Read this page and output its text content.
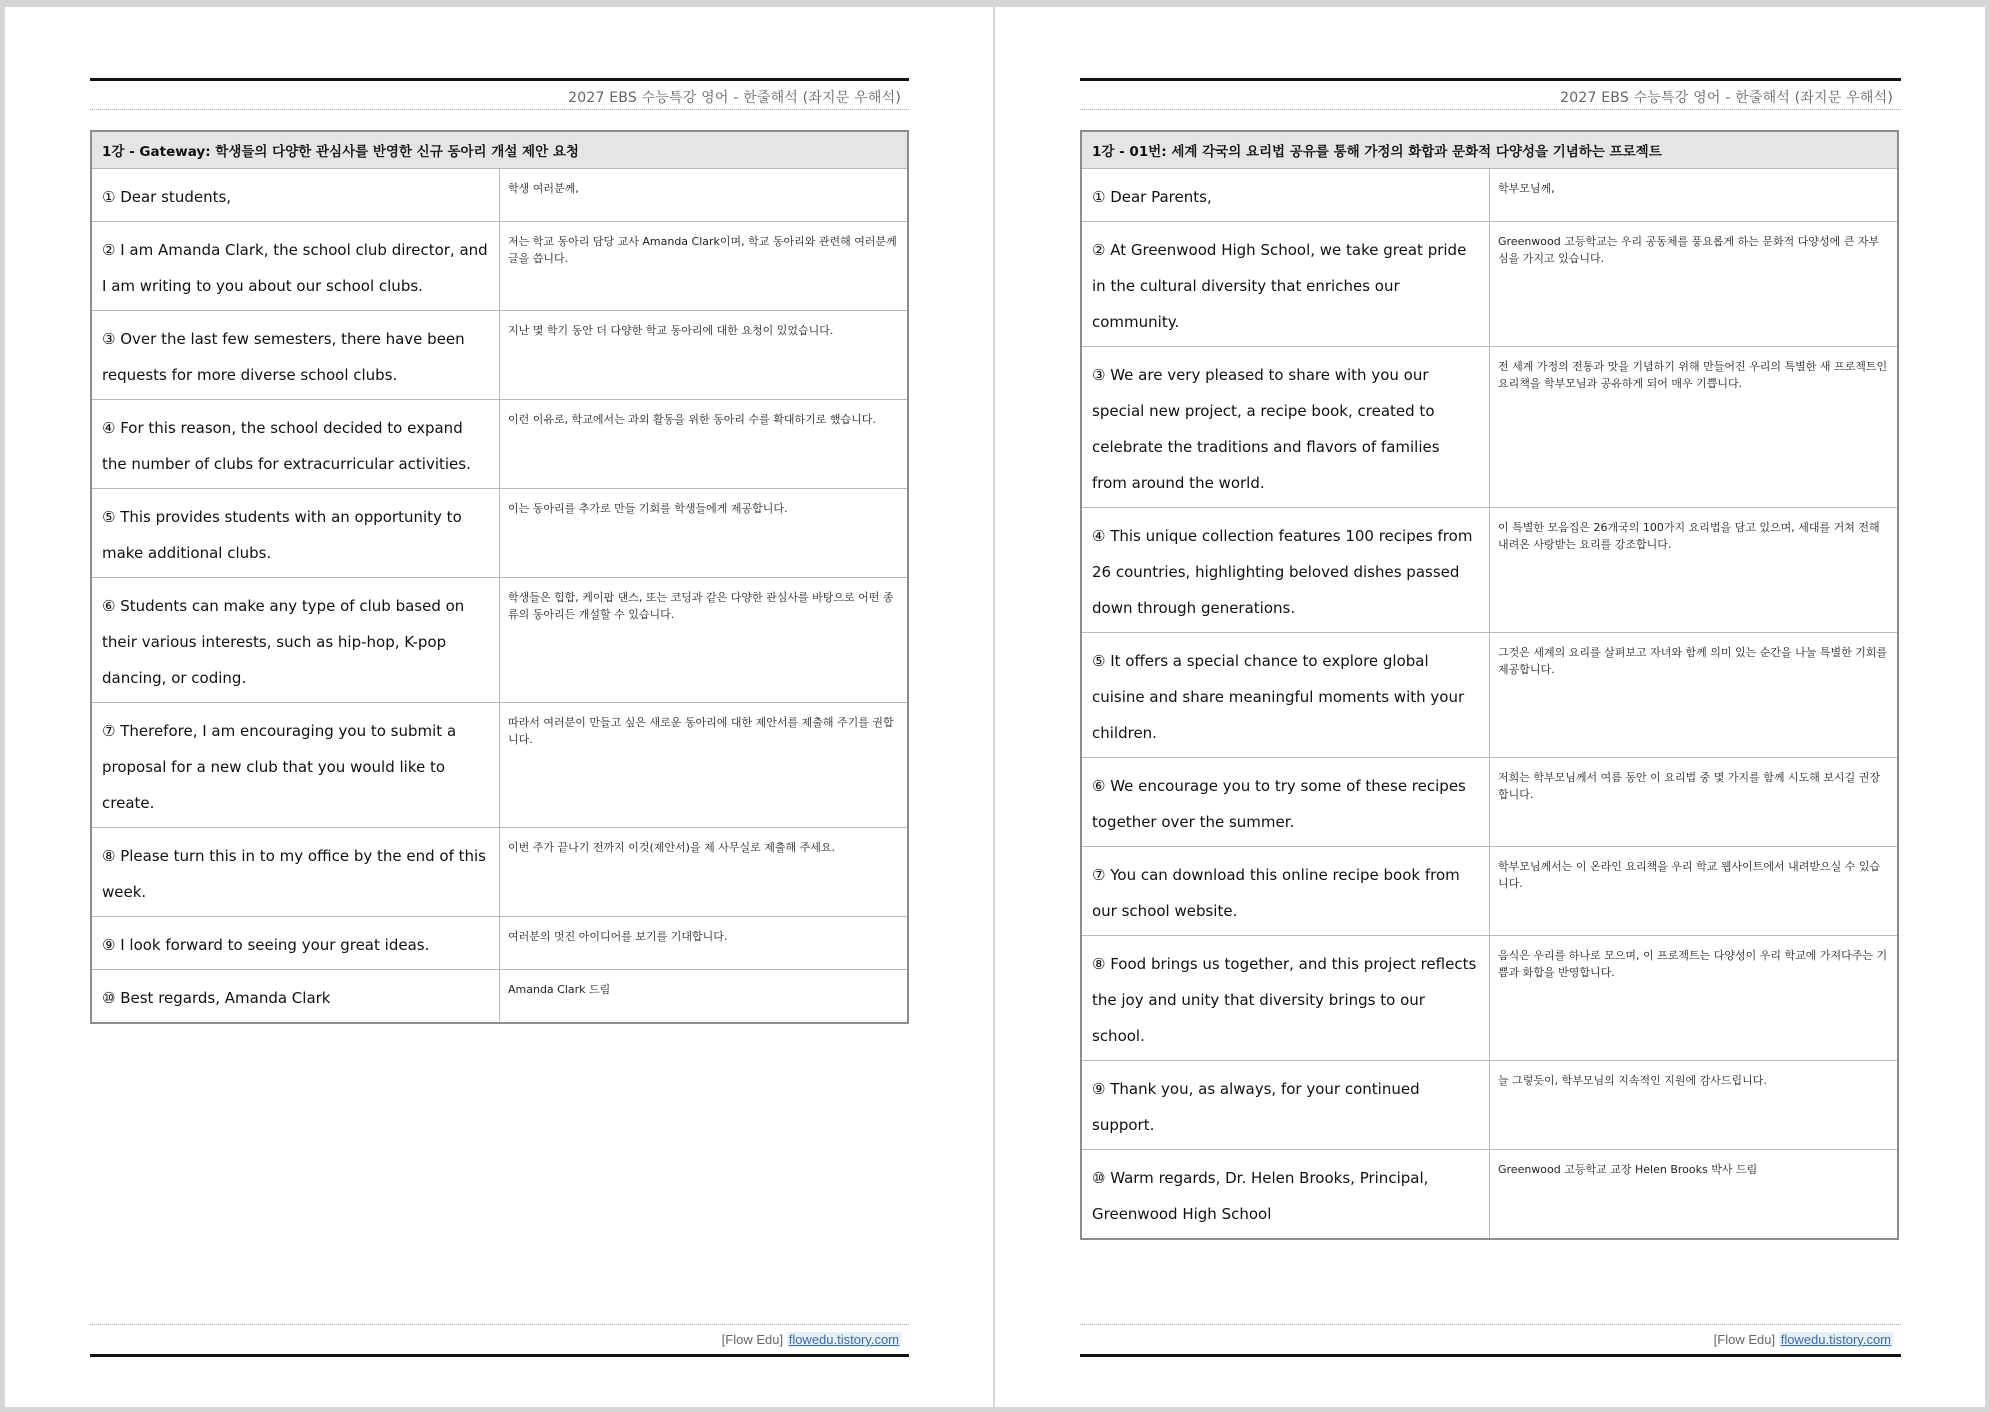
2027 EBS 수능특강 영어 - 한줄해석 (좌지문 우해석)
1강 - Gateway: 학생들의 다양한 관심사를 반영한 신규 동아리 개설 제안 요청	
① Dear students,	학생 여러분께,
② I am Amanda Clark, the school club director, and I am writing to you about our school clubs.	저는 학교 동아리 담당 교사 Amanda Clark이며, 학교 동아리와 관련해 여러분께 글을 씁니다.
③ Over the last few semesters, there have been requests for more diverse school clubs.	지난 몇 학기 동안 더 다양한 학교 동아리에 대한 요청이 있었습니다.
④ For this reason, the school decided to expand the number of clubs for extracurricular activities.	이런 이유로, 학교에서는 과외 활동을 위한 동아리 수를 확대하기로 했습니다.
⑤ This provides students with an opportunity to make additional clubs.	이는 동아리를 추가로 만들 기회를 학생들에게 제공합니다.
⑥ Students can make any type of club based on their various interests, such as hip-hop, K-pop dancing, or coding.	학생들은 힙합, 케이팝 댄스, 또는 코딩과 같은 다양한 관심사를 바탕으로 어떤 종류의 동아리든 개설할 수 있습니다.
⑦ Therefore, I am encouraging you to submit a proposal for a new club that you would like to create.	따라서 여러분이 만들고 싶은 새로운 동아리에 대한 제안서를 제출해 주기를 권합니다.
⑧ Please turn this in to my office by the end of this week.	이번 주가 끝나기 전까지 이것(제안서)을 제 사무실로 제출해 주세요.
⑨ I look forward to seeing your great ideas.	여러분의 멋진 아이디어를 보기를 기대합니다.
⑩ Best regards, Amanda Clark	Amanda Clark 드림
[Flow Edu] flowedu.tistory.com
2027 EBS 수능특강 영어 - 한줄해석 (좌지문 우해석)
1강 - 01번: 세계 각국의 요리법 공유를 통해 가정의 화합과 문화적 다양성을 기념하는 프로젝트	
① Dear Parents,	학부모님께,
② At Greenwood High School, we take great pride in the cultural diversity that enriches our community.	Greenwood 고등학교는 우리 공동체를 풍요롭게 하는 문화적 다양성에 큰 자부심을 가지고 있습니다.
③ We are very pleased to share with you our special new project, a recipe book, created to celebrate the traditions and flavors of families from around the world.	전 세계 가정의 전통과 맛을 기념하기 위해 만들어진 우리의 특별한 새 프로젝트인 요리책을 학부모님과 공유하게 되어 매우 기쁩니다.
④ This unique collection features 100 recipes from 26 countries, highlighting beloved dishes passed down through generations.	이 특별한 모음집은 26개국의 100가지 요리법을 담고 있으며, 세대를 거쳐 전해 내려온 사랑받는 요리를 강조합니다.
⑤ It offers a special chance to explore global cuisine and share meaningful moments with your children.	그것은 세계의 요리를 살펴보고 자녀와 함께 의미 있는 순간을 나눌 특별한 기회를 제공합니다.
⑥ We encourage you to try some of these recipes together over the summer.	저희는 학부모님께서 여름 동안 이 요리법 중 몇 가지를 함께 시도해 보시길 권장합니다.
⑦ You can download this online recipe book from our school website.	학부모님께서는 이 온라인 요리책을 우리 학교 웹사이트에서 내려받으실 수 있습니다.
⑧ Food brings us together, and this project reflects the joy and unity that diversity brings to our school.	음식은 우리를 하나로 모으며, 이 프로젝트는 다양성이 우리 학교에 가져다주는 기쁨과 화합을 반영합니다.
⑨ Thank you, as always, for your continued support.	늘 그렇듯이, 학부모님의 지속적인 지원에 감사드립니다.
⑩ Warm regards, Dr. Helen Brooks, Principal, Greenwood High School	Greenwood 고등학교 교장 Helen Brooks 박사 드림
[Flow Edu] flowedu.tistory.com
